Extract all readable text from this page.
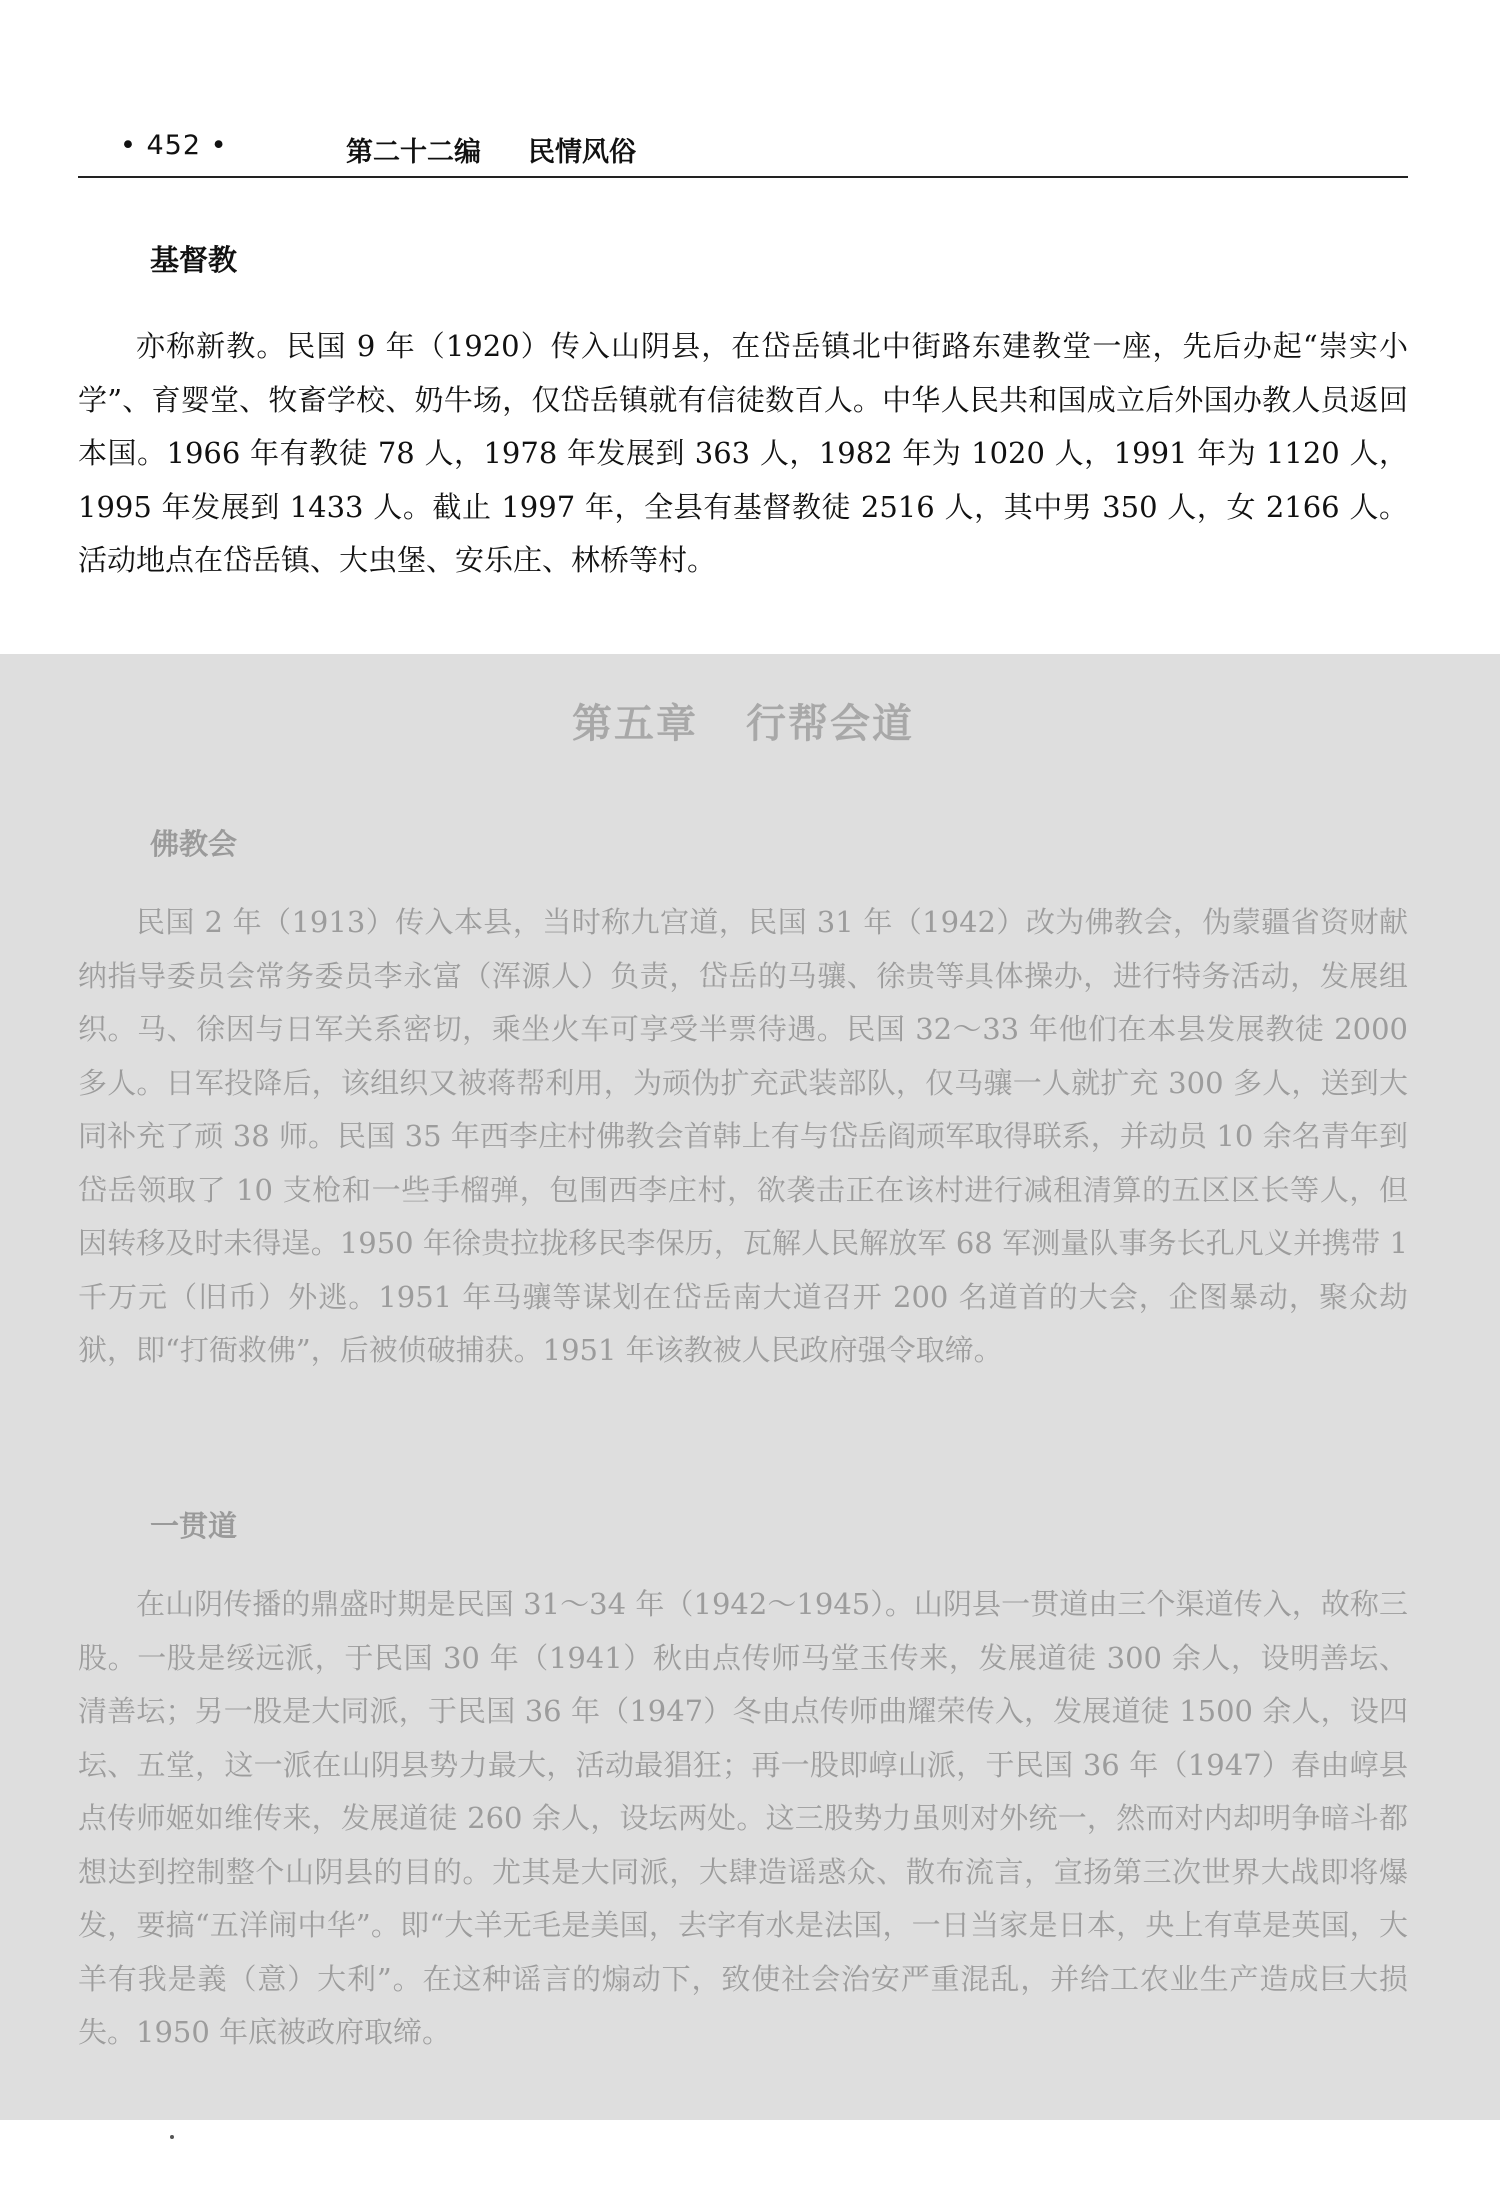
• 452 •	第二十二编 民情风俗
基督教

亦称新教。民国 9 年（1920）传入山阴县，在岱岳镇北中街路东建教堂一座，先后办起“崇实小学”、育婴堂、牧畜学校、奶牛场，仅岱岳镇就有信徒数百人。中华人民共和国成立后外国办教人员返回本国。1966 年有教徒 78 人，1978 年发展到 363 人，1982 年为 1020 人，1991 年为 1120 人，1995 年发展到 1433 人。截止 1997 年，全县有基督教徒 2516 人，其中男 350 人，女 2166 人。活动地点在岱岳镇、大虫堡、安乐庄、林桥等村。

第五章 行帮会道
佛教会

民国 2 年（1913）传入本县，当时称九宫道，民国 31 年（1942）改为佛教会，伪蒙疆省资财献纳指导委员会常务委员李永富（浑源人）负责，岱岳的马骧、徐贵等具体操办，进行特务活动，发展组织。马、徐因与日军关系密切，乘坐火车可享受半票待遇。民国 32～33 年他们在本县发展教徒 2000 多人。日军投降后，该组织又被蒋帮利用，为顽伪扩充武装部队，仅马骧一人就扩充 300 多人，送到大同补充了顽 38 师。民国 35 年西李庄村佛教会首韩上有与岱岳阎顽军取得联系，并动员 10 余名青年到岱岳领取了 10 支枪和一些手榴弹，包围西李庄村，欲袭击正在该村进行减租清算的五区区长等人，但因转移及时未得逞。1950 年徐贵拉拢移民李保历，瓦解人民解放军 68 军测量队事务长孔凡义并携带 1 千万元（旧币）外逃。1951 年马骧等谋划在岱岳南大道召开 200 名道首的大会，企图暴动，聚众劫狱，即“打衙救佛”，后被侦破捕获。1951 年该教被人民政府强令取缔。

一贯道

在山阴传播的鼎盛时期是民国 31～34 年（1942～1945）。山阴县一贯道由三个渠道传入，故称三股。一股是绥远派，于民国 30 年（1941）秋由点传师马堂玉传来，发展道徒 300 余人，设明善坛、清善坛；另一股是大同派，于民国 36 年（1947）冬由点传师曲耀荣传入，发展道徒 1500 余人，设四坛、五堂，这一派在山阴县势力最大，活动最猖狂；再一股即崞山派，于民国 36 年（1947）春由崞县点传师姬如维传来，发展道徒 260 余人，设坛两处。这三股势力虽则对外统一，然而对内却明争暗斗都想达到控制整个山阴县的目的。尤其是大同派，大肆造谣惑众、散布流言，宣扬第三次世界大战即将爆发，要搞“五洋闹中华”。即“大羊无毛是美国，去字有水是法国，一日当家是日本，央上有草是英国，大羊有我是義（意）大利”。在这种谣言的煽动下，致使社会治安严重混乱，并给工农业生产造成巨大损失。1950 年底被政府取缔。
